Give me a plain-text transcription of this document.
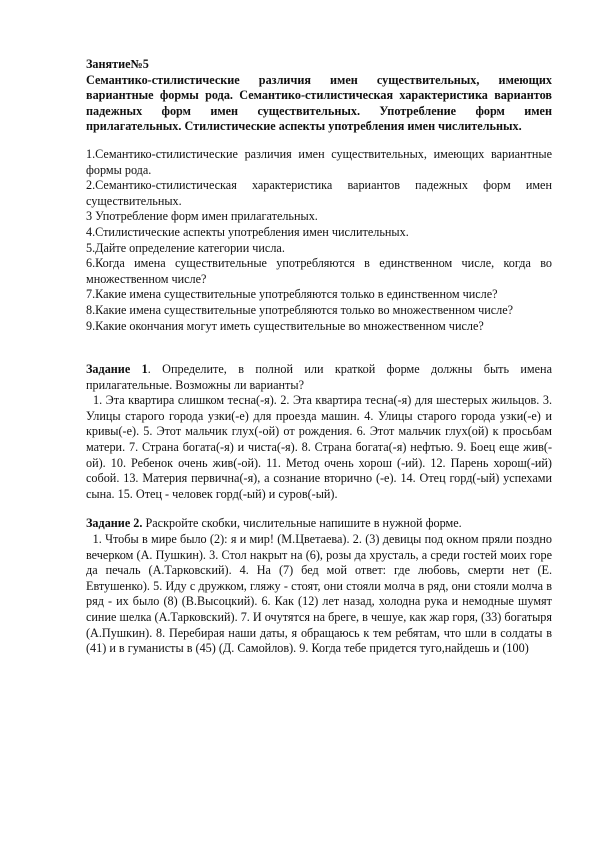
Занятие№5
Семантико-стилистические различия имен существительных, имеющих вариантные формы рода. Семантико-стилистическая характеристика вариантов падежных форм имен существительных. Употребление форм имен прилагательных. Стилистические аспекты употребления имен числительных.

1.Семантико-стилистические различия имен существительных, имеющих вариантные формы рода.

2.Семантико-стилистическая характеристика вариантов падежных форм имен существительных.

3 Употребление форм имен прилагательных.

4.Стилистические аспекты употребления имен числительных.

5.Дайте определение категории числа.

6.Когда имена существительные употребляются в единственном числе, когда во множественном числе?

7.Какие имена существительные употребляются только в единственном числе?

8.Какие имена существительные употребляются только во множественном числе?

9.Какие окончания могут иметь существительные во множественном числе?

Задание 1. Определите, в полной или краткой форме должны быть имена прилагательные. Возможны ли варианты?

1. Эта квартира слишком тесна(-я). 2. Эта квартира тесна(-я) для шестерых жильцов. 3. Улицы старого города узки(-е) для проезда машин. 4. Улицы старого города узки(-е) и кривы(-е). 5. Этот мальчик глух(-ой) от рождения. 6. Этот мальчик глух(ой) к просьбам матери. 7. Страна богата(-я) и чиста(-я). 8. Страна богата(-я) нефтью. 9. Боец еще жив(-ой). 10. Ребенок очень жив(-ой). 11. Метод очень хорош (-ий). 12. Парень хорош(-ий) собой. 13. Материя первична(-я), а сознание вторично (-е). 14. Отец горд(-ый) успехами сына. 15. Отец - человек горд(-ый) и суров(-ый).

Задание 2. Раскройте скобки, числительные напишите в нужной форме.

1. Чтобы в мире было (2): я и мир! (М.Цветаева). 2. (3) девицы под окном пряли поздно вечерком (А. Пушкин). 3. Стол накрыт на (6), розы да хрусталь, а среди гостей моих горе да печаль (А.Тарковский). 4. На (7) бед мой ответ: где любовь, смерти нет (Е. Евтушенко). 5. Иду с дружком, гляжу - стоят, они стояли молча в ряд, они стояли молча в ряд - их было (8) (В.Высоцкий). 6. Как (12) лет назад, холодна рука и немодные шумят синие шелка (А.Тарковский). 7. И очутятся на бреге, в чешуе, как жар горя, (33) богатыря (А.Пушкин). 8. Перебирая наши даты, я обращаюсь к тем ребятам, что шли в солдаты в (41) и в гуманисты в (45) (Д. Самойлов). 9. Когда тебе придется туго,найдешь и (100)
